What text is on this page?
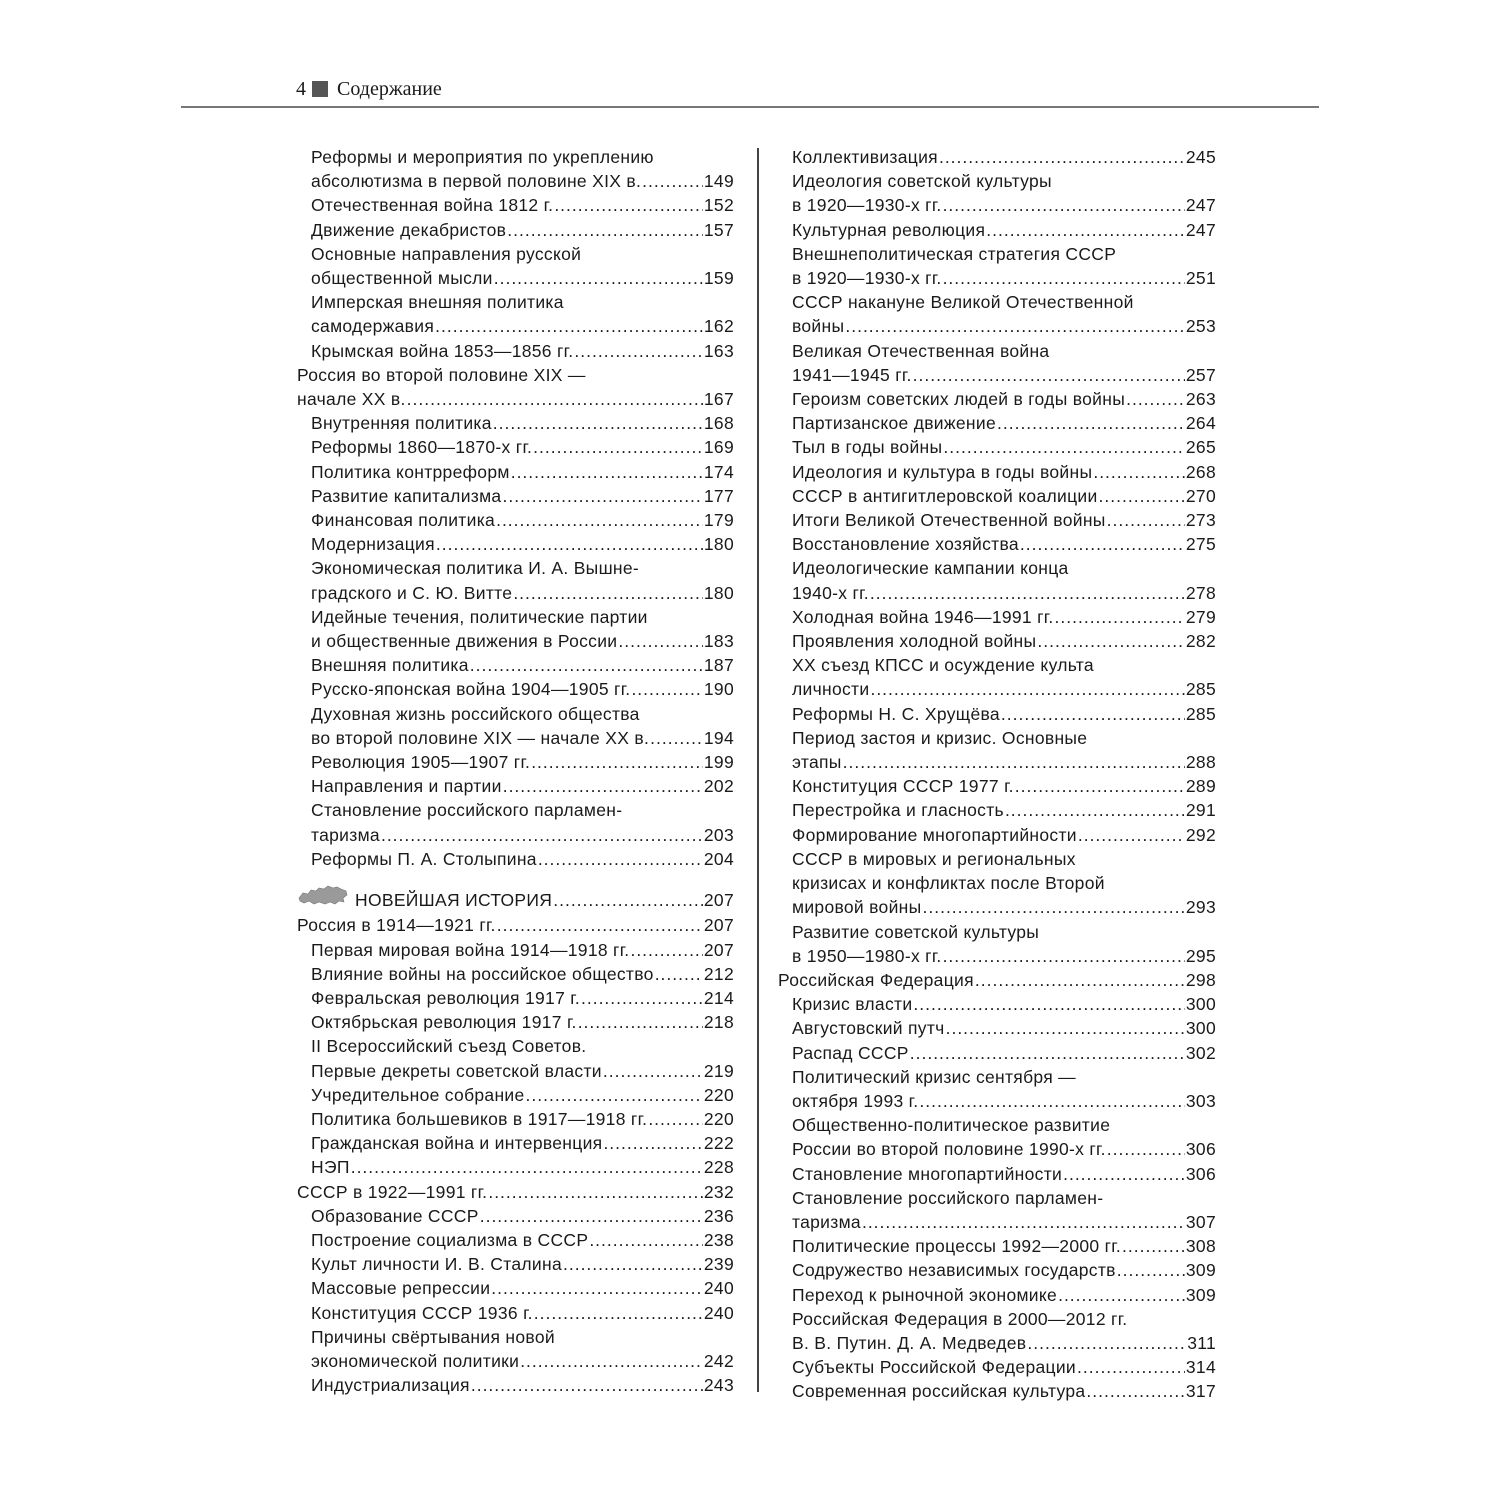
4 Содержание
Реформы и мероприятия по укреплению
абсолютизма в первой половине XIX в. .....	149
Отечественная война 1812 г. .....	152
Движение декабристов .....	157
Основные направления русской
общественной мысли .....	159
Имперская внешняя политика
самодержавия .....	162
Крымская война 1853—1856 гг. .....	163
Россия во второй половине XIX —
начале XX в. .....	167
Внутренняя политика .....	168
Реформы 1860—1870-х гг. .....	169
Политика контрреформ .....	174
Развитие капитализма .....	177
Финансовая политика .....	179
Модернизация .....	180
Экономическая политика И. А. Вышне-
градского и С. Ю. Витте .....	180
Идейные течения, политические партии
и общественные движения в России .....	183
Внешняя политика .....	187
Русско-японская война 1904—1905 гг. .....	190
Духовная жизнь российского общества
во второй половине XIX — начале XX в. .....	194
Революция 1905—1907 гг. .....	199
Направления и партии .....	202
Становление российского парламен-
таризма .....	203
Реформы П. А. Столыпина .....	204
НОВЕЙШАЯ ИСТОРИЯ .....	207
Россия в 1914—1921 гг. .....	207
Первая мировая война 1914—1918 гг. .....	207
Влияние войны на российское общество .....	212
Февральская революция 1917 г. .....	214
Октябрьская революция 1917 г. .....	218
II Всероссийский съезд Советов.
Первые декреты советской власти .....	219
Учредительное собрание .....	220
Политика большевиков в 1917—1918 гг. .....	220
Гражданская война и интервенция .....	222
НЭП .....	228
СССР в 1922—1991 гг. .....	232
Образование СССР .....	236
Построение социализма в СССР .....	238
Культ личности И. В. Сталина .....	239
Массовые репрессии .....	240
Конституция СССР 1936 г. .....	240
Причины свёртывания новой
экономической политики .....	242
Индустриализация .....	243
Коллективизация .....	245
Идеология советской культуры
в 1920—1930-х гг. .....	247
Культурная революция .....	247
Внешнеполитическая стратегия СССР
в 1920—1930-х гг. .....	251
СССР накануне Великой Отечественной
войны .....	253
Великая Отечественная война
1941—1945 гг. .....	257
Героизм советских людей в годы войны .....	263
Партизанское движение .....	264
Тыл в годы войны .....	265
Идеология и культура в годы войны .....	268
СССР в антигитлеровской коалиции .....	270
Итоги Великой Отечественной войны .....	273
Восстановление хозяйства .....	275
Идеологические кампании конца
1940-х гг. .....	278
Холодная война 1946—1991 гг. .....	279
Проявления холодной войны .....	282
XX съезд КПСС и осуждение культа
личности .....	285
Реформы Н. С. Хрущёва .....	285
Период застоя и кризис. Основные
этапы .....	288
Конституция СССР 1977 г. .....	289
Перестройка и гласность .....	291
Формирование многопартийности .....	292
СССР в мировых и региональных
кризисах и конфликтах после Второй
мировой войны .....	293
Развитие советской культуры
в 1950—1980-х гг. .....	295
Российская Федерация .....	298
Кризис власти .....	300
Августовский путч .....	300
Распад СССР .....	302
Политический кризис сентября —
октября 1993 г. .....	303
Общественно-политическое развитие
России во второй половине 1990-х гг. .....	306
Становление многопартийности .....	306
Становление российского парламен-
таризма .....	307
Политические процессы 1992—2000 гг. .....	308
Содружество независимых государств .....	309
Переход к рыночной экономике .....	309
Российская Федерация в 2000—2012 гг.
В. В. Путин. Д. А. Медведев .....	311
Субъекты Российской Федерации .....	314
Современная российская культура .....	317
